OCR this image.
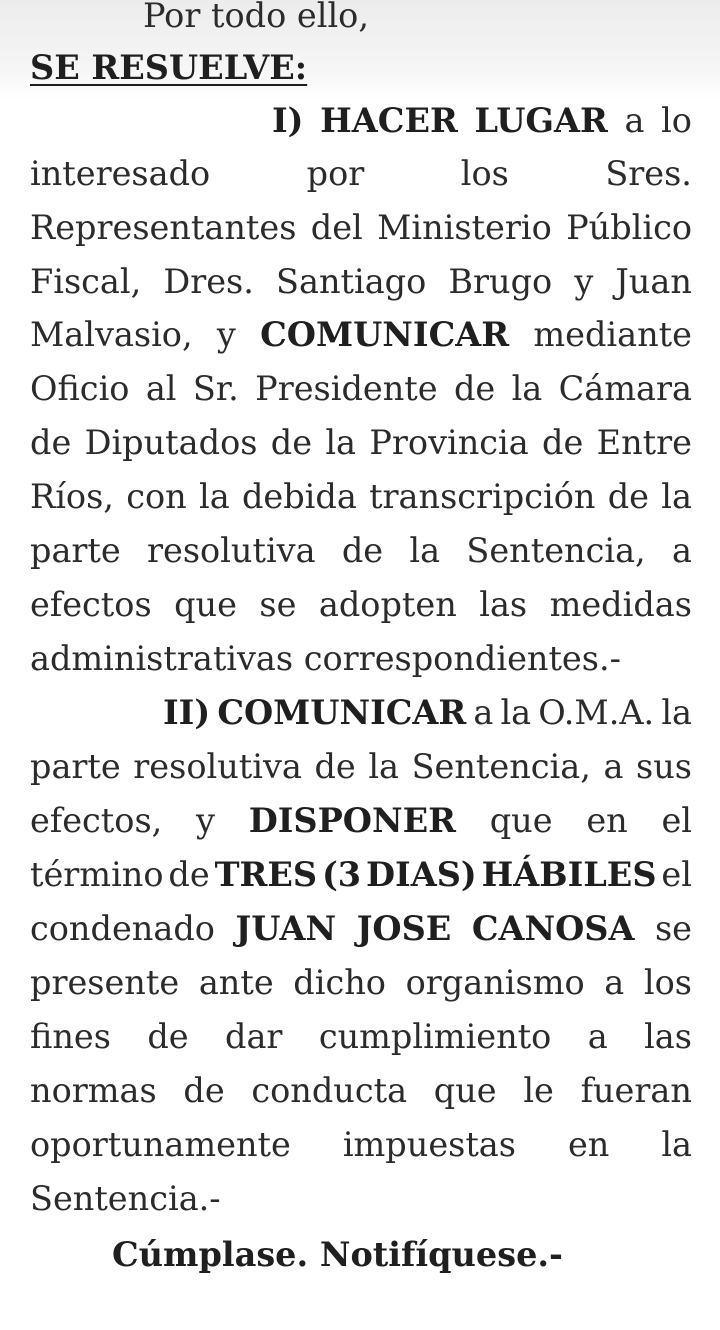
Por todo ello,
SE RESUELVE:
I) HACER LUGAR a lo
interesado	por	los	Sres.
Representantes del Ministerio Público
Fiscal, Dres. Santiago Brugo y Juan
Malvasio, y COMUNICAR mediante
Oficio al Sr. Presidente de la Cámara
de Diputados de la Provincia de Entre
Ríos, con la debida transcripción de la
parte resolutiva de la Sentencia, a
efectos que se adopten las medidas
administrativas correspondientes.-
II) COMUNICAR a la O.M.A. la
parte resolutiva de la Sentencia, a sus
efectos, y DISPONER que en el
término de TRES (3 DIAS) HÁBILES el
condenado JUAN JOSE CANOSA se
presente ante dicho organismo a los
fines de dar cumplimiento a las
normas de conducta que le fueran
oportunamente impuestas en la
Sentencia.-
Cúmplase. Notifíquese.-
